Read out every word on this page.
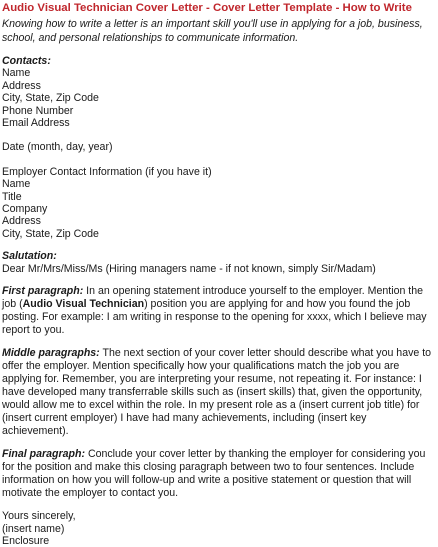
Audio Visual Technician Cover Letter - Cover Letter Template - How to Write

Knowing how to write a letter is an important skill you'll use in applying for a job, business, school, and personal relationships to communicate information.

Contacts:
Name
Address
City, State, Zip Code
Phone Number
Email Address
Date (month, day, year)
Employer Contact Information (if you have it)
Name
Title
Company
Address
City, State, Zip Code
Salutation:
Dear Mr/Mrs/Miss/Ms (Hiring managers name - if not known, simply Sir/Madam)

First paragraph: In an opening statement introduce yourself to the employer. Mention the job (Audio Visual Technician) position you are applying for and how you found the job posting. For example: I am writing in response to the opening for xxxx, which I believe may report to you.

Middle paragraphs: The next section of your cover letter should describe what you have to offer the employer. Mention specifically how your qualifications match the job you are applying for. Remember, you are interpreting your resume, not repeating it. For instance: I have developed many transferrable skills such as (insert skills) that, given the opportunity, would allow me to excel within the role. In my present role as a (insert current job title) for (insert current employer) I have had many achievements, including (insert key achievement).

Final paragraph: Conclude your cover letter by thanking the employer for considering you for the position and make this closing paragraph between two to four sentences. Include information on how you will follow-up and write a positive statement or question that will motivate the employer to contact you.

Yours sincerely,
(insert name)
Enclosure
